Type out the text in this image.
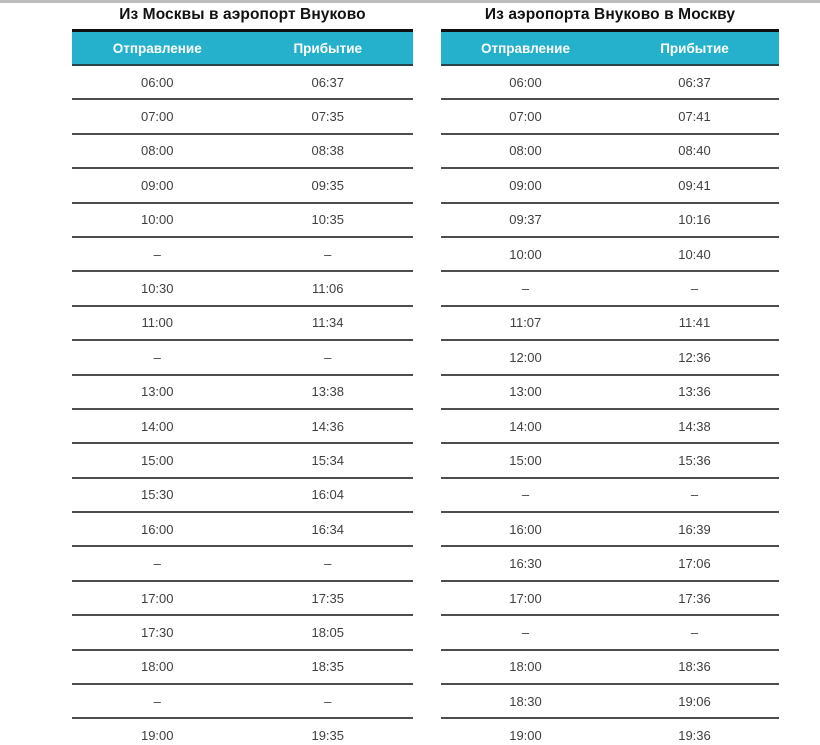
Из Москвы в аэропорт Внуково
Отправление	Прибытие
06:00	06:37
07:00	07:35
08:00	08:38
09:00	09:35
10:00	10:35
–	–
10:30	11:06
11:00	11:34
–	–
13:00	13:38
14:00	14:36
15:00	15:34
15:30	16:04
16:00	16:34
–	–
17:00	17:35
17:30	18:05
18:00	18:35
–	–
19:00	19:35
Из аэропорта Внуково в Москву
Отправление	Прибытие
06:00	06:37
07:00	07:41
08:00	08:40
09:00	09:41
09:37	10:16
10:00	10:40
–	–
11:07	11:41
12:00	12:36
13:00	13:36
14:00	14:38
15:00	15:36
–	–
16:00	16:39
16:30	17:06
17:00	17:36
–	–
18:00	18:36
18:30	19:06
19:00	19:36
